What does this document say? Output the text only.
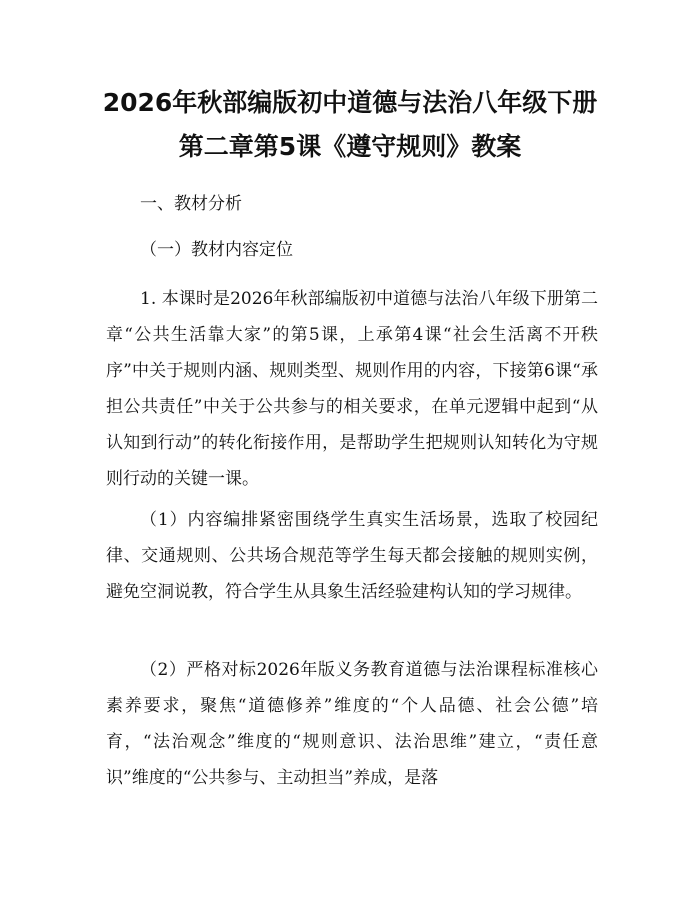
2026年秋部编版初中道德与法治八年级下册
第二章第5课《遵守规则》教案

一、教材分析

（一）教材内容定位

1. 本课时是2026年秋部编版初中道德与法治八年级下册第二章“公共生活靠大家”的第5课，上承第4课“社会生活离不开秩序”中关于规则内涵、规则类型、规则作用的内容，下接第6课“承担公共责任”中关于公共参与的相关要求，在单元逻辑中起到“从认知到行动”的转化衔接作用，是帮助学生把规则认知转化为守规则行动的关键一课。

（1）内容编排紧密围绕学生真实生活场景，选取了校园纪律、交通规则、公共场合规范等学生每天都会接触的规则实例，避免空洞说教，符合学生从具象生活经验建构认知的学习规律。

（2）严格对标2026年版义务教育道德与法治课程标准核心素养要求，聚焦“道德修养”维度的“个人品德、社会公德”培育，“法治观念”维度的“规则意识、法治思维”建立，“责任意识”维度的“公共参与、主动担当”养成，是落
